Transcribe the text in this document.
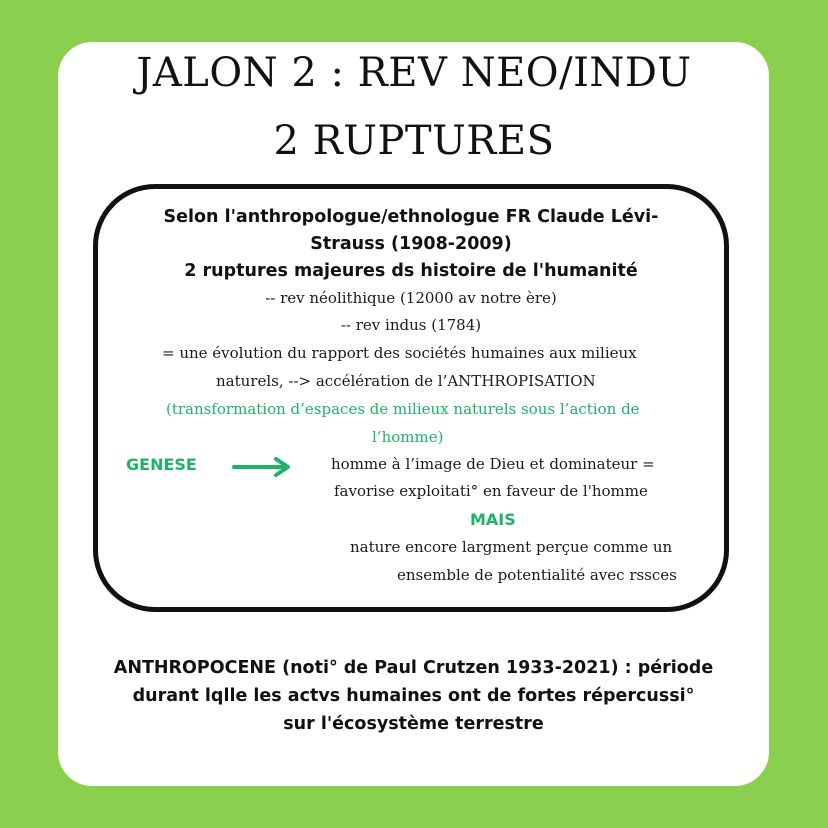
JALON 2 : REV NEO/INDU
2 RUPTURES
Selon l'anthropologue/ethnologue FR Claude Lévi-
Strauss (1908-2009)
2 ruptures majeures ds histoire de l'humanité
-- rev néolithique (12000 av notre ère)
-- rev indus (1784)
= une évolution du rapport des sociétés humaines aux milieux
naturels, --> accélération de l’ANTHROPISATION
(transformation d’espaces de milieux naturels sous l’action de
l’homme)
GENESE	homme à l’image de Dieu et dominateur =
favorise exploitati° en faveur de l'homme
MAIS
nature encore largment perçue comme un
ensemble de potentialité avec rssces
ANTHROPOCENE (noti° de Paul Crutzen 1933-2021) : période
durant lqlle les actvs humaines ont de fortes répercussi°
sur l'écosystème terrestre
